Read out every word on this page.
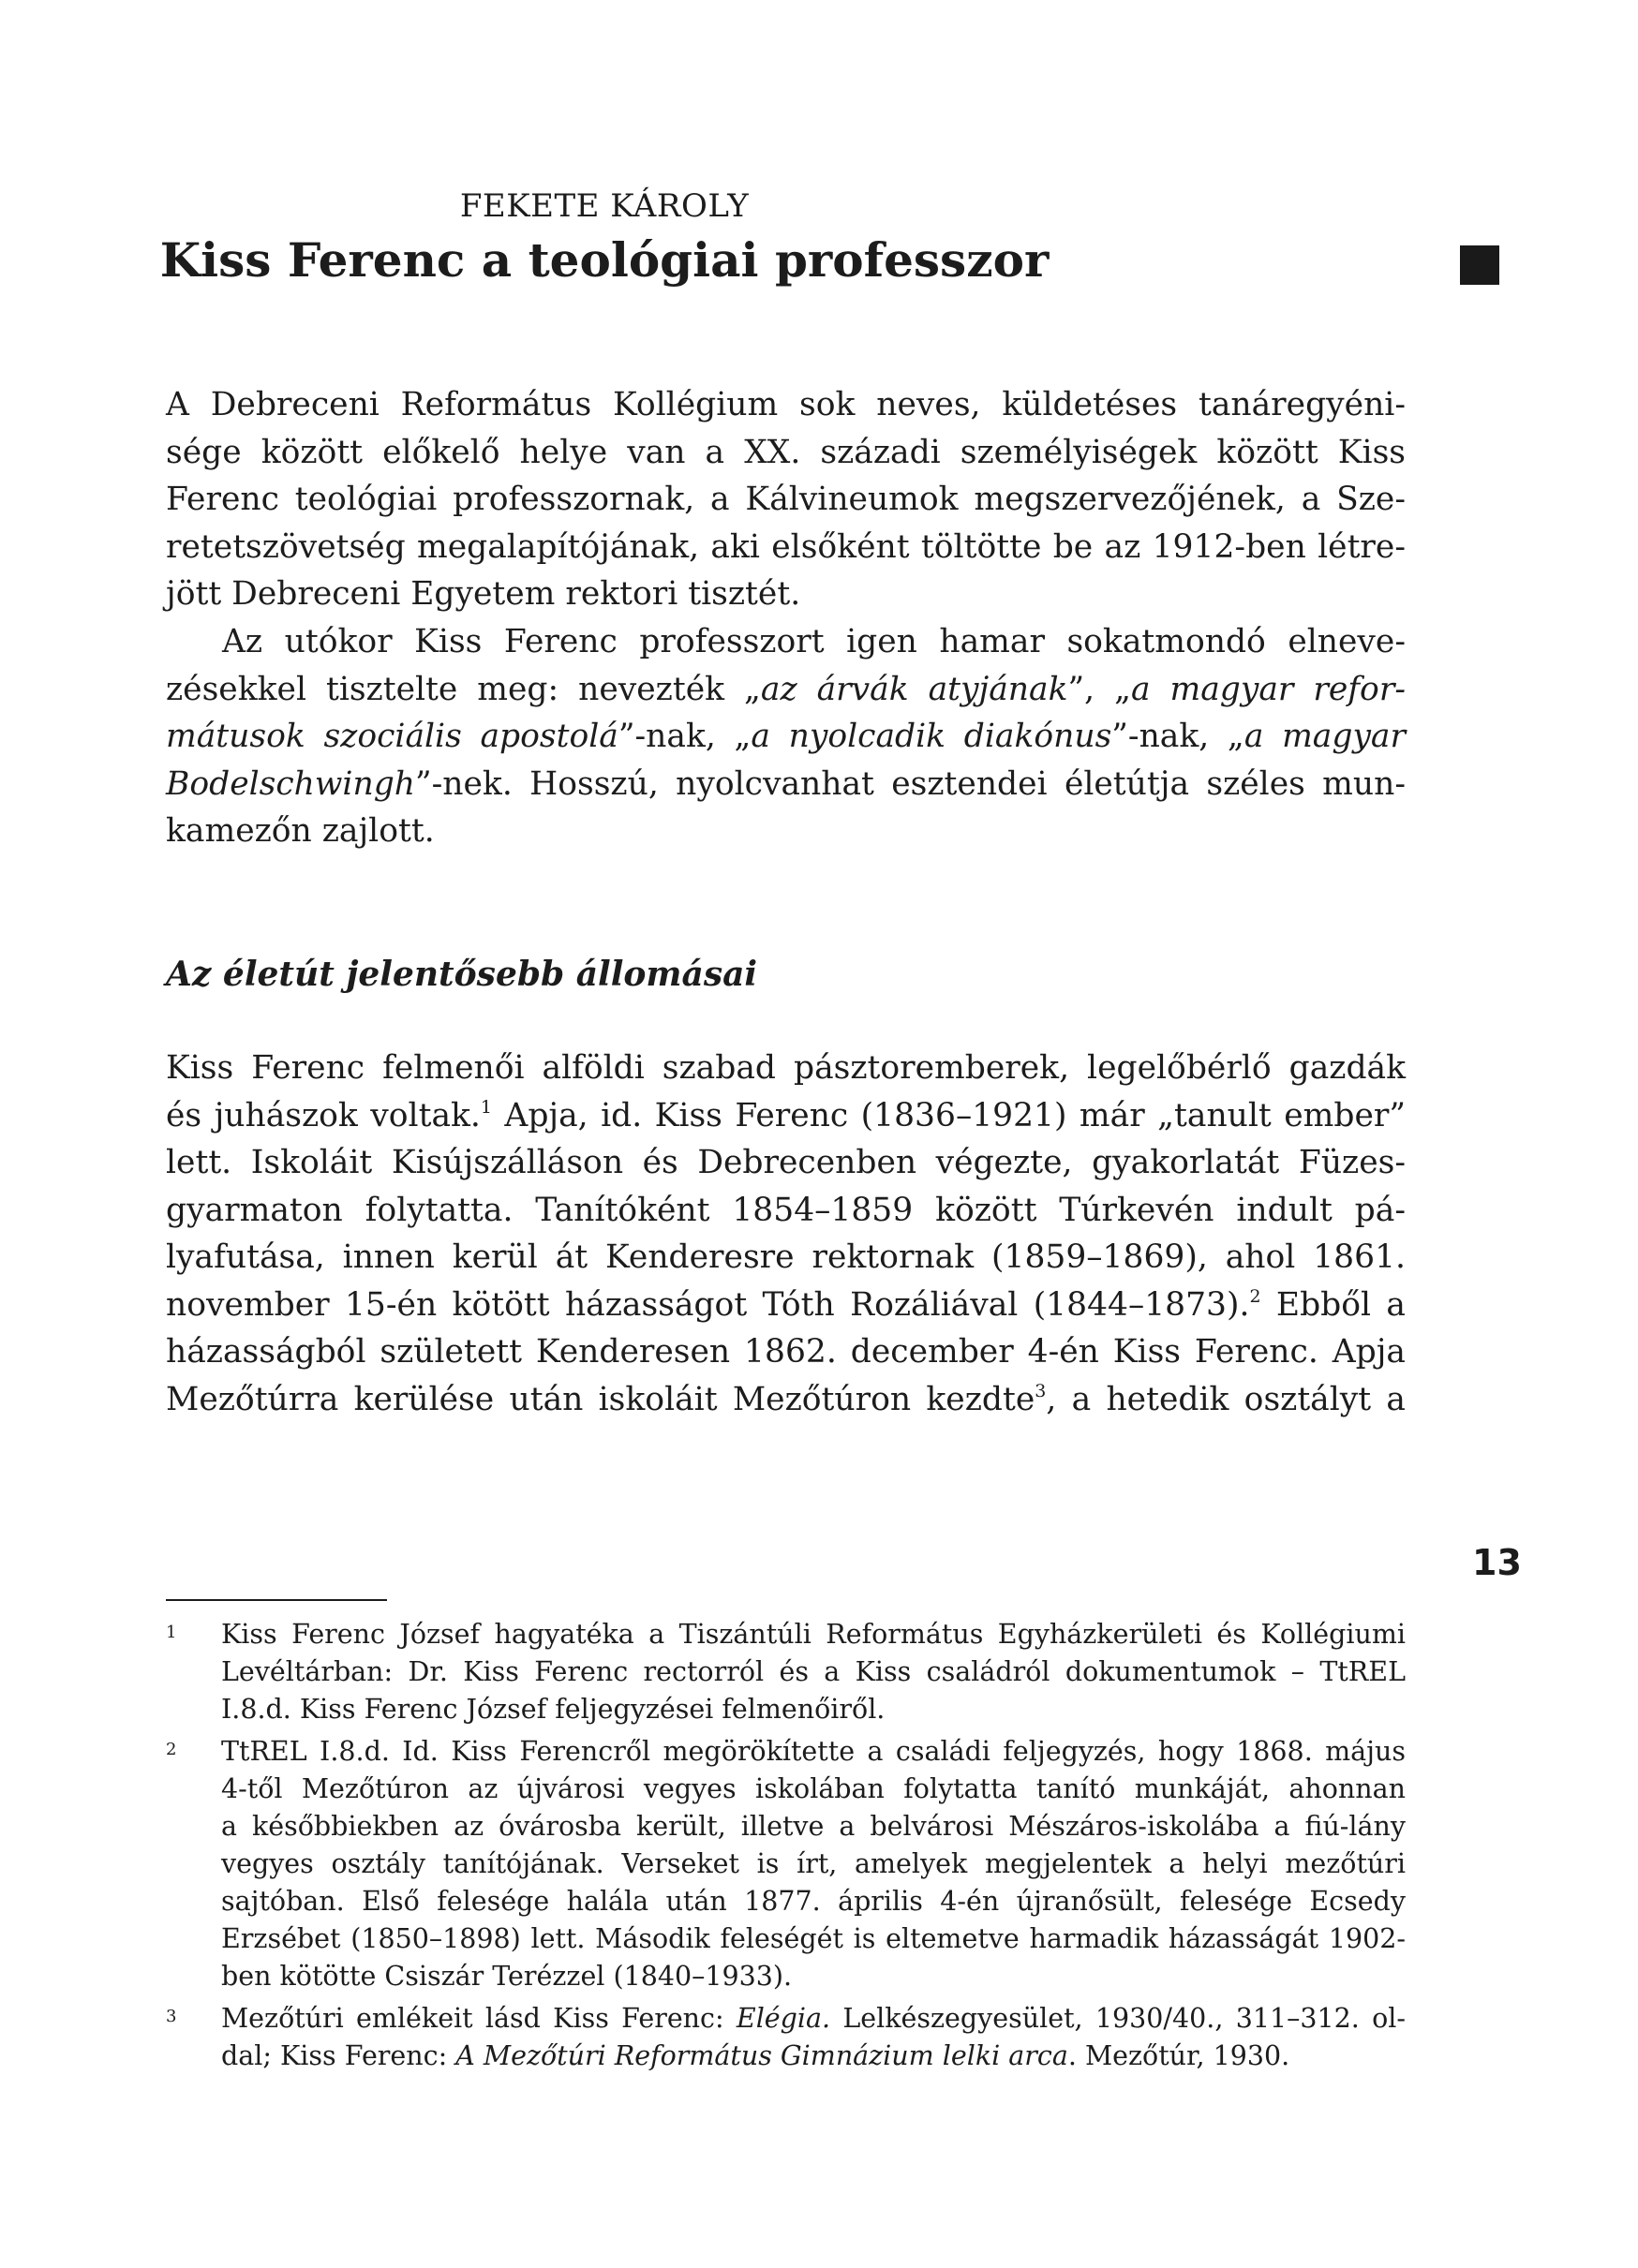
FEKETE KÁROLY
Kiss Ferenc a teológiai professzor
A Debreceni Református Kollégium sok neves, küldetéses tanáregyéni-
sége között előkelő helye van a XX. századi személyiségek között Kiss
Ferenc teológiai professzornak, a Kálvineumok megszervezőjének, a Sze-
retetszövetség megalapítójának, aki elsőként töltötte be az 1912-ben létre-
jött Debreceni Egyetem rektori tisztét.
Az utókor Kiss Ferenc professzort igen hamar sokatmondó elneve-
zésekkel tisztelte meg: nevezték „az árvák atyjának”, „a magyar refor-
mátusok szociális apostolá”-nak, „a nyolcadik diakónus”-nak, „a magyar
Bodelschwingh”-nek. Hosszú, nyolcvanhat esztendei életútja széles mun-
kamezőn zajlott.
Az életút jelentősebb állomásai
Kiss Ferenc felmenői alföldi szabad pásztoremberek, legelőbérlő gazdák
és juhászok voltak.$^1$ Apja, id. Kiss Ferenc (1836–1921) már „tanult ember”
lett. Iskoláit Kisújszálláson és Debrecenben végezte, gyakorlatát Füzes-
gyarmaton folytatta. Tanítóként 1854–1859 között Túrkevén indult pá-
lyafutása, innen kerül át Kenderesre rektornak (1859–1869), ahol 1861.
november 15-én kötött házasságot Tóth Rozáliával (1844–1873).$^2$ Ebből a
házasságból született Kenderesen 1862. december 4-én Kiss Ferenc. Apja
Mezőtúrra kerülése után iskoláit Mezőtúron kezdte$^3$, a hetedik osztályt a
1 Kiss Ferenc József hagyatéka a Tiszántúli Református Egyházkerületi és Kollégiumi
Levéltárban: Dr. Kiss Ferenc rectorról és a Kiss családról dokumentumok – TtREL
I.8.d. Kiss Ferenc József feljegyzései felmenőiről.
2 TtREL I.8.d. Id. Kiss Ferencről megörökítette a családi feljegyzés, hogy 1868. május
4-től Mezőtúron az újvárosi vegyes iskolában folytatta tanító munkáját, ahonnan
a későbbiekben az óvárosba került, illetve a belvárosi Mészáros-iskolába a fiú-lány
vegyes osztály tanítójának. Verseket is írt, amelyek megjelentek a helyi mezőtúri
sajtóban. Első felesége halála után 1877. április 4-én újranősült, felesége Ecsedy
Erzsébet (1850–1898) lett. Második feleségét is eltemetve harmadik házasságát 1902-
ben kötötte Csiszár Terézzel (1840–1933).
3 Mezőtúri emlékeit lásd Kiss Ferenc: Elégia. Lelkészegyesület, 1930/40., 311–312. ol-
dal; Kiss Ferenc: A Mezőtúri Református Gimnázium lelki arca. Mezőtúr, 1930.
13
